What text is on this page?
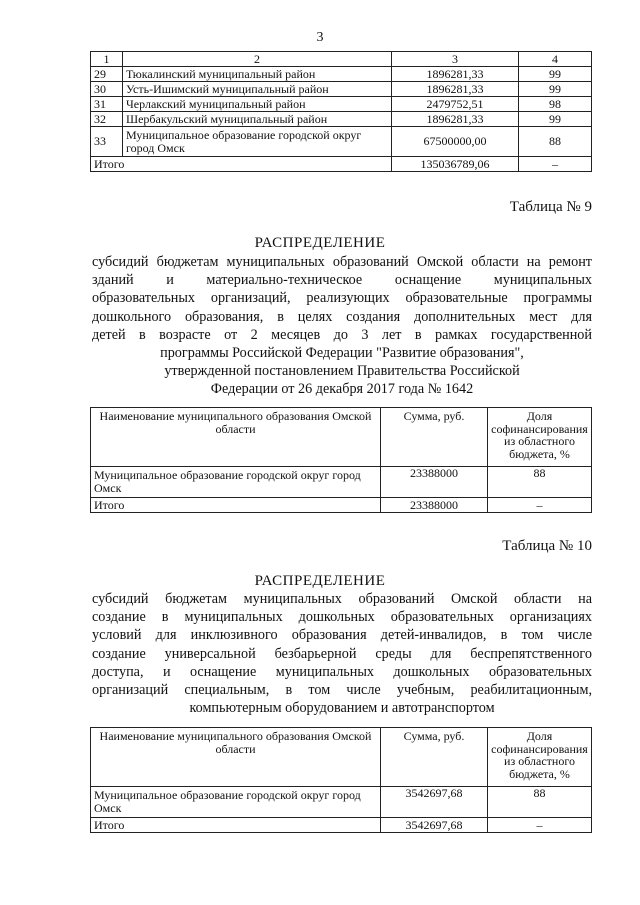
3
1	2	3	4
29	Тюкалинский муниципальный район	1896281,33	99
30	Усть-Ишимский муниципальный район	1896281,33	99
31	Черлакский муниципальный район	2479752,51	98
32	Шербакульский муниципальный район	1896281,33	99
33	Муниципальное образование городской округ город Омск	67500000,00	88
Итого		135036789,06	–
Таблица № 9
РАСПРЕДЕЛЕНИЕ
субсидий бюджетам муниципальных образований Омской области на ремонт
зданий и материально-техническое оснащение муниципальных
образовательных организаций, реализующих образовательные программы
дошкольного образования, в целях создания дополнительных мест для
детей в возрасте от 2 месяцев до 3 лет в рамках государственной
программы Российской Федерации "Развитие образования",
утвержденной постановлением Правительства Российской
Федерации от 26 декабря 2017 года № 1642
Наименование муниципального образования Омской области	Сумма, руб.	Доля софинансирования из областного бюджета, %
Муниципальное образование городской округ город Омск	23388000	88
Итого	23388000	–
Таблица № 10
РАСПРЕДЕЛЕНИЕ
субсидий бюджетам муниципальных образований Омской области на
создание в муниципальных дошкольных образовательных организациях
условий для инклюзивного образования детей-инвалидов, в том числе
создание универсальной безбарьерной среды для беспрепятственного
доступа, и оснащение муниципальных дошкольных образовательных
организаций специальным, в том числе учебным, реабилитационным,
компьютерным оборудованием и автотранспортом
Наименование муниципального образования Омской области	Сумма, руб.	Доля софинансирования из областного бюджета, %
Муниципальное образование городской округ город Омск	3542697,68	88
Итого	3542697,68	–
